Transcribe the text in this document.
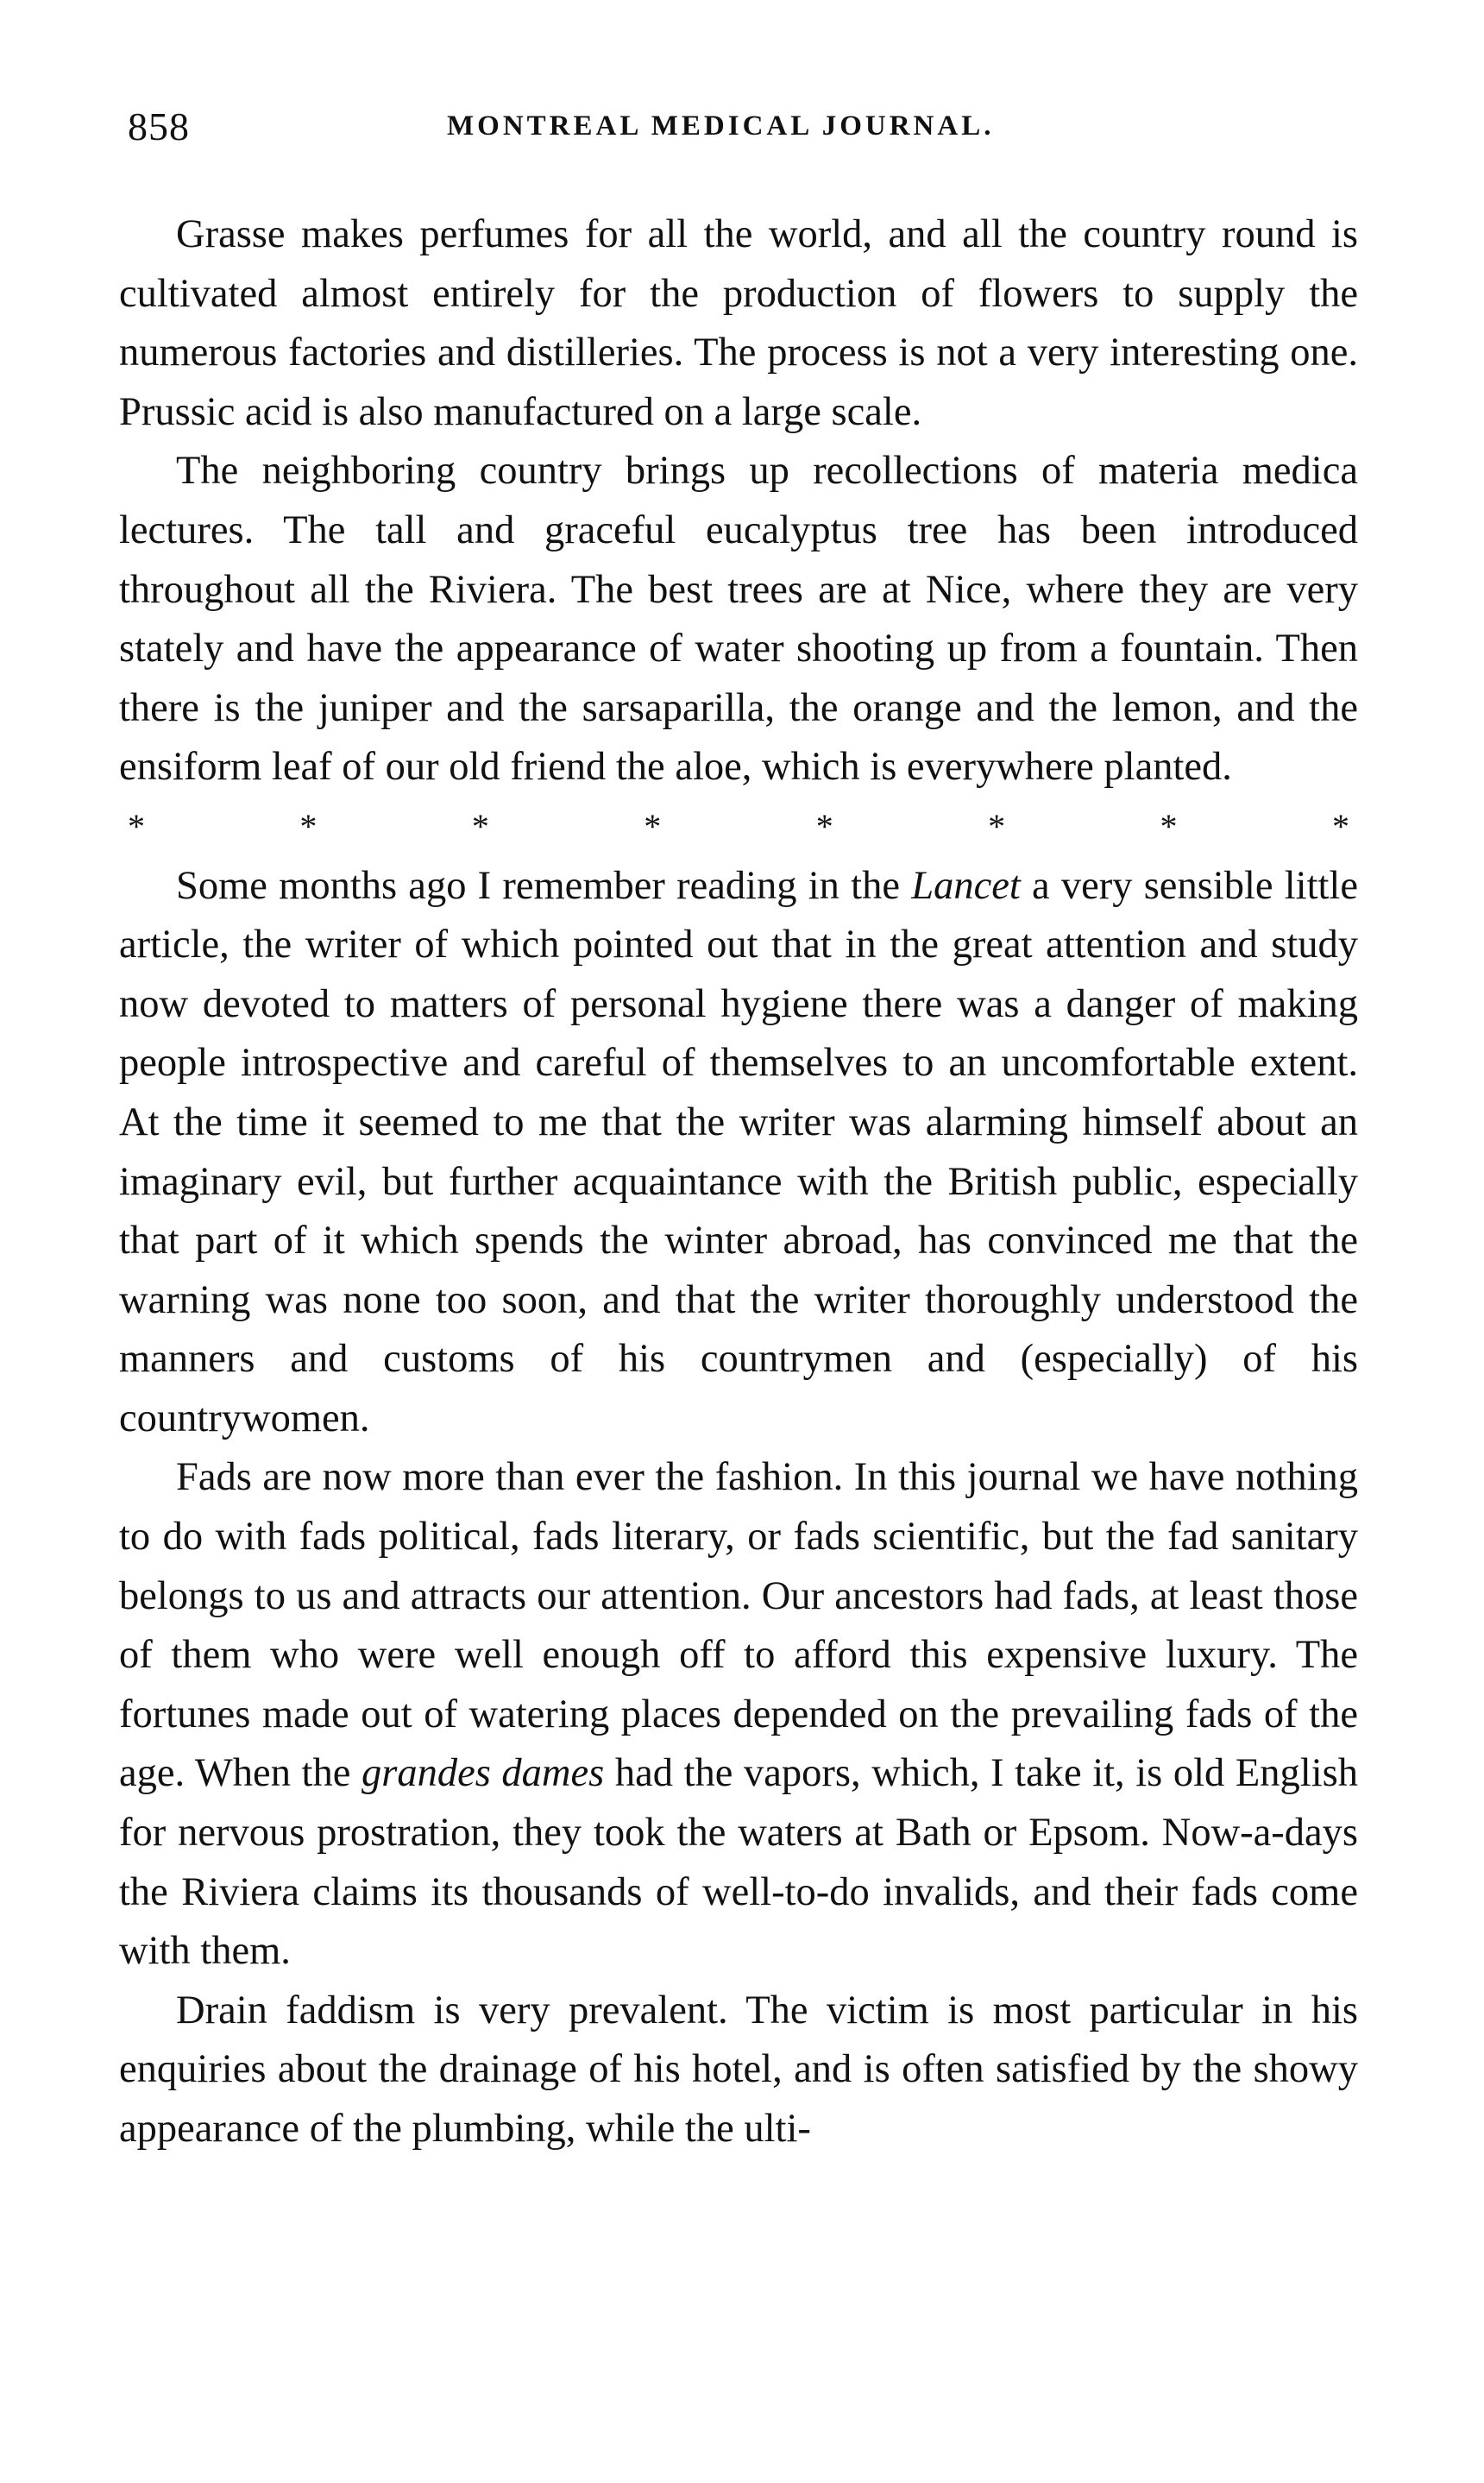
858	MONTREAL MEDICAL JOURNAL.

Grasse makes perfumes for all the world, and all the country round is cultivated almost entirely for the production of flowers to supply the numerous factories and distilleries. The process is not a very interesting one. Prussic acid is also manufactured on a large scale.

The neighboring country brings up recollections of materia medica lectures. The tall and graceful eucalyptus tree has been introduced throughout all the Riviera. The best trees are at Nice, where they are very stately and have the appearance of water shooting up from a fountain. Then there is the juniper and the sarsaparilla, the orange and the lemon, and the ensiform leaf of our old friend the aloe, which is everywhere planted.

*	*	*	*	*	*	*	*

Some months ago I remember reading in the Lancet a very sensible little article, the writer of which pointed out that in the great attention and study now devoted to matters of personal hygiene there was a danger of making people introspective and careful of themselves to an uncomfortable extent. At the time it seemed to me that the writer was alarming himself about an imaginary evil, but further acquaintance with the British public, especially that part of it which spends the winter abroad, has convinced me that the warning was none too soon, and that the writer thoroughly understood the manners and customs of his countrymen and (especially) of his countrywomen.

Fads are now more than ever the fashion. In this journal we have nothing to do with fads political, fads literary, or fads scientific, but the fad sanitary belongs to us and attracts our attention. Our ancestors had fads, at least those of them who were well enough off to afford this expensive luxury. The fortunes made out of watering places depended on the prevailing fads of the age. When the grandes dames had the vapors, which, I take it, is old English for nervous prostration, they took the waters at Bath or Epsom. Now-a-days the Riviera claims its thousands of well-to-do invalids, and their fads come with them.

Drain faddism is very prevalent. The victim is most particular in his enquiries about the drainage of his hotel, and is often satisfied by the showy appearance of the plumbing, while the ulti-
